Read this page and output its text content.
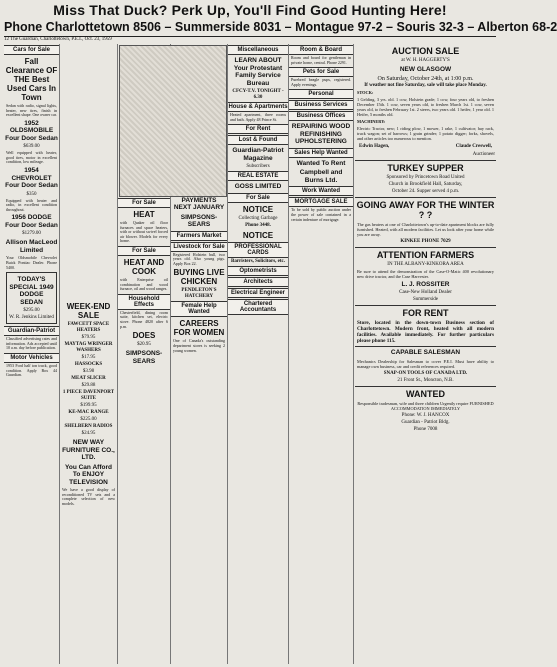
Miss That Duck? Perk Up, You'll Find Good Hunting Here!
Phone Charlottetown 8506 – Summerside 8031 – Montague 97-2 – Souris 32-3 – Alberton 68-2
12 The Guardian, Charlottetown, P.E.I., Oct. 23, 1959
Cars for Sale
Fall Clearance OF THE Best Used Cars In Town
Sedan with radio, signal lights, heater, new tires, finish in excellent shape. One owner car.
1952 OLDSMOBILE Four Door Sedan
$639.00
Well equipped with heater, good tires, motor in excellent condition, low mileage.
1954 CHEVROLET Four Door Sedan
$350
Equipped with heater and radio, in excellent condition throughout.
1956 DODGE Four Door Sedan
$1279.00
Allison MacLeod Limited
Your Oldsmobile Chevrolet Buick Pontiac Dealer. Phone 5400.
TODAY'S SPECIAL 1949 DODGE SEDAN
$295.00
W. R. Jenkins Limited
Guardian-Patriot
Classified advertising rates and information. Ads accepted until 10 a.m. day before publication.
Motor Vehicles
1953 Ford half ton truck, good condition. Apply Box 44 Guardian.
WEEK-END SALE
FAWCETT SPACE HEATERS
$79.95
MAYTAG WRINGER WASHERS
$17.95
HASSOCKS
$3.98
MEAT SLICER
$29.88
1 PIECE DAVENPORT SUITE
$199.95
KE-MAC RANGE
$225.00
SHELBERN RADIOS
$24.95
NEW WAY FURNITURE CO., LTD.
You Can Afford To ENJOY TELEVISION
We have a good display of reconditioned TV sets and a complete selection of new models.
For Sale
HEAT
with Quaker oil floor furnaces and space heaters, with or without swivel forced air blower. Models for every home.
For Sale
HEAT AND COOK
with Enterprise oil combination and wood furnace, oil and wood ranges.
Household Effects
Chesterfield, dining room suite, kitchen set, electric stove. Phone 4820 after 6 p.m.
DOES
$20.95
SIMPSONS-SEARS
PAYMENTS NEXT JANUARY
SIMPSONS-SEARS
Farmers Market
Livestock for Sale
Registered Holstein bull, two years old. Also young pigs. Apply Box 22.
BUYING LIVE CHICKEN
PENDLETON'S HATCHERY
Female Help Wanted
CAREERS FOR WOMEN
One of Canada's outstanding department stores is seeking 2 young women.
Miscellaneous
LEARN ABOUT Your Protestant Family Service Bureau
CFCY-T.V. TONIGHT - 6.30
House & Apartments
Heated apartment, three rooms and bath. Apply 48 Prince St.
For Rent
Lost & Found
Guardian-Patriot Magazine
Subscribers
REAL ESTATE
GOSS LIMITED
For Sale
NOTICE
Collecting Garbage
Phone 3448.
NOTICE
PROFESSIONAL CARDS
Barristers, Solicitors, etc.
Optometrists
Architects
Electrical Engineer
Chartered Accountants
Room & Board
Room and board for gentleman in private home, central. Phone 2291.
Pets for Sale
Purebred beagle pups, registered. Apply evenings.
Personal
Business Services
Business Offices
REPAIRING WOOD REFINISHING UPHOLSTERING
Sales Help Wanted
Wanted To Rent
Campbell and Burns Ltd.
Work Wanted
MORTGAGE SALE
To be sold by public auction under the power of sale contained in a certain indenture of mortgage.
AUCTION SALE
at W. H. HAGGERTY'S
NEW GLASGOW
On Saturday, October 24th, at 1:00 p.m.
If weather not fine Saturday, sale will take place Monday.
STOCK:
1 Gelding, 3 yrs. old. 1 cow, Holstein grade; 1 cow, four years old, to freshen December 15th. 1 cow, seven years old, to freshen March 1st. 1 cow, seven years old, to freshen February 1st. 2 steers, two years old. 1 heifer, 1 year old. 1 Heifer, 5 months old.
MACHINERY:
Electric Tractor, new; 1 riding plow, 1 mower, 1 rake, 1 cultivator; hay rack, truck wagon; set of harrows; 1 grain grinder; 1 potato digger; forks, shovels, and other articles too numerous to mention.
Edwin Hagen,	Claude Creswell,
Auctioneer
TURKEY SUPPER
Sponsored by Princetown Road United
Church in Brookfield Hall, Saturday,
October 24. Supper served 4 p.m.
GOING AWAY FOR THE WINTER ? ?
The gas heaters at one of Charlottetown's up-to-date apartment blocks are fully furnished. Heated, with all modern facilities. Let us look after your home while you are away.
KINKEE PHONE 7029
ATTENTION FARMERS
IN THE ALBANY-KINKORA AREA
Be sure to attend the demonstration of the Case-O-Matic 400 revolutionary new drive tractor, and the Case Harvester.
L. J. ROSSITER
Case-New Holland Dealer
Summerside
FOR RENT
Store, located in the down-town Business section of Charlottetown. Modern front, heated with all modern facilities. Available immediately. For further particulars please phone 115.
CAPABLE SALESMAN
Mechanics Dealership for Salesman to cover P.E.I. Must have ability to manage own business, car and credit references required.
SNAP-ON TOOLS OF CANADA LTD.
21 Front St., Moncton, N.B.
WANTED
Responsible tradesman, wife and three children Urgently require FURNISHED ACCOMMODATION IMMEDIATELY
Phone: W. J. HANCOX
Guardian - Patriot Bldg.
Phone 7008
